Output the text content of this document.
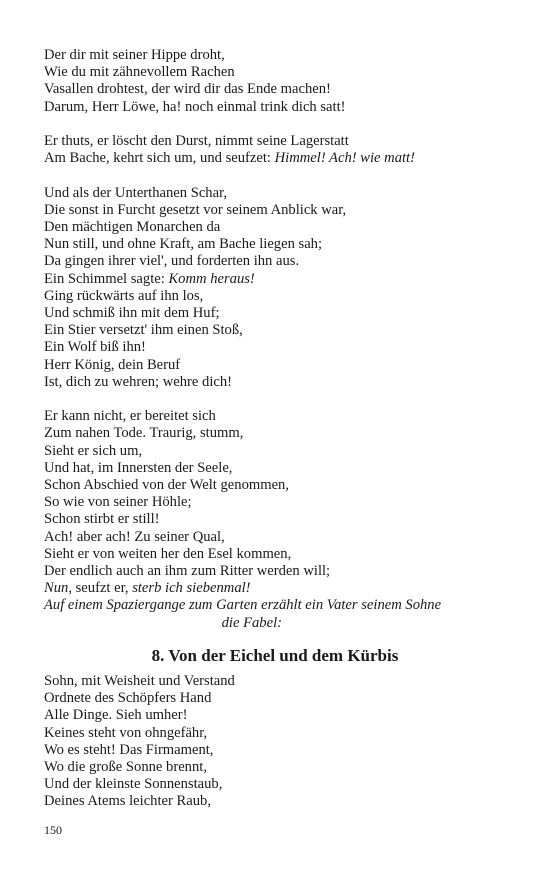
Der dir mit seiner Hippe droht,
Wie du mit zähnevollem Rachen
Vasallen drohtest, der wird dir das Ende machen!
Darum, Herr Löwe, ha! noch einmal trink dich satt!
Er thuts, er löscht den Durst, nimmt seine Lagerstatt
Am Bache, kehrt sich um, und seufzet: Himmel! Ach! wie matt!
Und als der Unterthanen Schar,
Die sonst in Furcht gesetzt vor seinem Anblick war,
Den mächtigen Monarchen da
Nun still, und ohne Kraft, am Bache liegen sah;
Da gingen ihrer viel', und forderten ihn aus.
Ein Schimmel sagte: Komm heraus!
Ging rückwärts auf ihn los,
Und schmiß ihn mit dem Huf;
Ein Stier versetzt' ihm einen Stoß,
Ein Wolf biß ihn!
Herr König, dein Beruf
Ist, dich zu wehren; wehre dich!
Er kann nicht, er bereitet sich
Zum nahen Tode. Traurig, stumm,
Sieht er sich um,
Und hat, im Innersten der Seele,
Schon Abschied von der Welt genommen,
So wie von seiner Höhle;
Schon stirbt er still!
Ach! aber ach! Zu seiner Qual,
Sieht er von weiten her den Esel kommen,
Der endlich auch an ihm zum Ritter werden will;
Nun, seufzt er, sterb ich siebenmal!
Auf einem Spaziergange zum Garten erzählt ein Vater seinem Sohne
die Fabel:
8. Von der Eichel und dem Kürbis
Sohn, mit Weisheit und Verstand
Ordnete des Schöpfers Hand
Alle Dinge. Sieh umher!
Keines steht von ohngefähr,
Wo es steht! Das Firmament,
Wo die große Sonne brennt,
Und der kleinste Sonnenstaub,
Deines Atems leichter Raub,
150
